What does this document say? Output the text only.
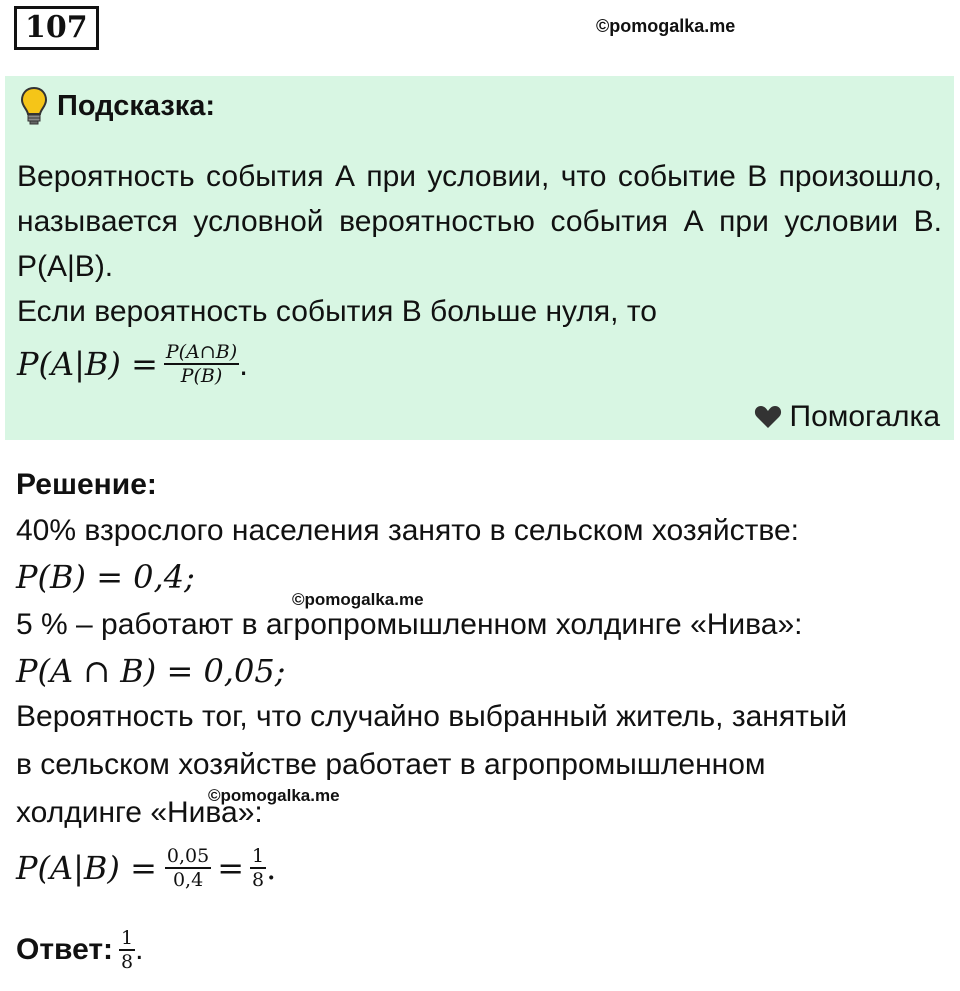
107	©pomogalka.me
Подсказка:

Вероятность события А при условии, что событие В произошло, называется условной вероятностью события А при условии В. Р(А|В).

Если вероятность события В больше нуля, то

$P(A|B) = \frac{P(A\cap B)}{P(B)}$ .
Помогалка
Решение:
40% взрослого населения занято в сельском хозяйстве:
P(B) = 0,4;
5 % – работают в агропромышленном холдинге «Нива»:
P(A ∩ B) = 0,05;
Вероятность тог, что случайно выбранный житель, занятый
в сельском хозяйстве работает в агропромышленном
холдинге «Нива»:
$P(A|B) = \frac{0,05}{0,4} = \frac{1}{8}$ .
Ответ: $\frac{1}{8}$ .
©pomogalka.me
©pomogalka.me
